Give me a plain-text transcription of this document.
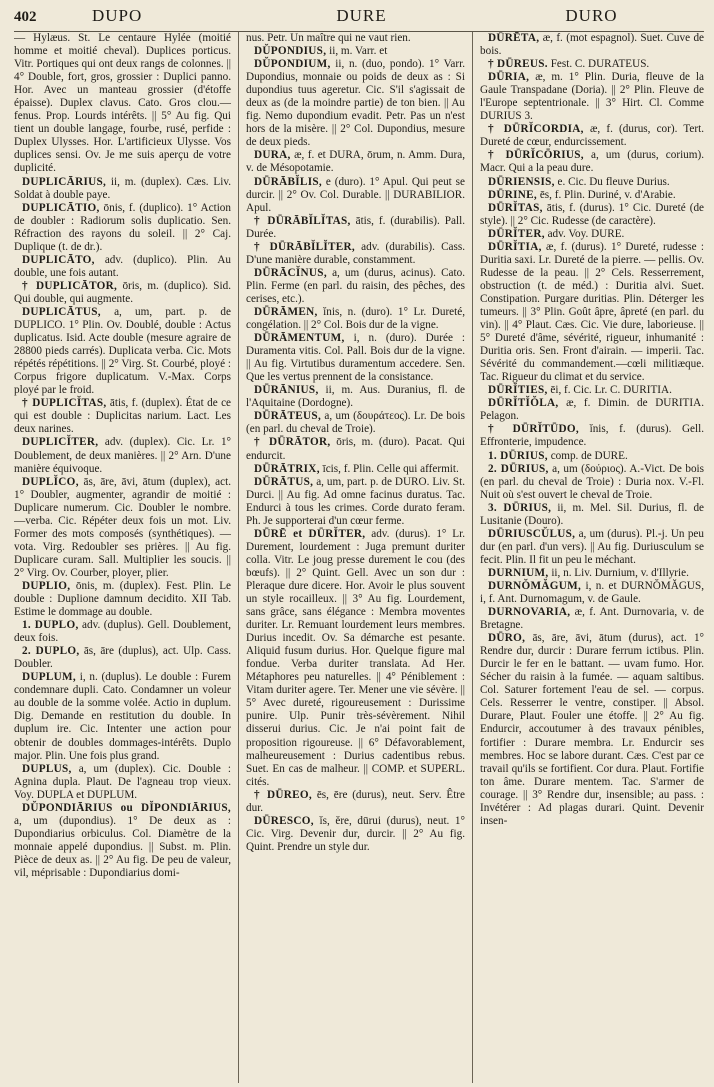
402	DUPO	DURE	DURO

— Hylæus. St. Le centaure Hylée (moitié homme et moitié cheval). Duplices porticus. Vitr. Portiques qui ont deux rangs de colonnes. || 4° Double, fort, gros, grossier : Duplici panno. Hor. Avec un manteau grossier (d'étoffe épaisse). Duplex clavus. Cato. Gros clou.—fenus. Prop. Lourds intérêts. || 5° Au fig. Qui tient un double langage, fourbe, rusé, perfide : Duplex Ulysses. Hor. L'artificieux Ulysse. Vos duplices sensi. Ov. Je me suis aperçu de votre duplicité.

DUPLICĀRIUS, ii, m. (duplex). Cæs. Liv. Soldat à double paye.

DUPLICĀTIO, ōnis, f. (duplico). 1° Action de doubler : Radiorum solis duplicatio. Sen. Réfraction des rayons du soleil. || 2° Caj. Duplique (t. de dr.).

DUPLICĀTO, adv. (duplico). Plin. Au double, une fois autant.

† DUPLICĀTOR, ōris, m. (duplico). Sid. Qui double, qui augmente.

DUPLICĀTUS, a, um, part. p. de DUPLICO. 1° Plin. Ov. Doublé, double : Actus duplicatus. Isid. Acte double (mesure agraire de 28800 pieds carrés). Duplicata verba. Cic. Mots répétés répétitions. || 2° Virg. St. Courbé, ployé : Corpus frigore duplicatum. V.-Max. Corps ployé par le froid.

† DUPLICĬTAS, ātis, f. (duplex). État de ce qui est double : Duplicitas narium. Lact. Les deux narines.

DUPLICĬTER, adv. (duplex). Cic. Lr. 1° Doublement, de deux manières. || 2° Arn. D'une manière équivoque.

DUPLĬCO, ās, āre, āvi, ātum (duplex), act. 1° Doubler, augmenter, agrandir de moitié : Duplicare numerum. Cic. Doubler le nombre. —verba. Cic. Répéter deux fois un mot. Liv. Former des mots composés (synthétiques). — vota. Virg. Redoubler ses prières. || Au fig. Duplicare curam. Sall. Multiplier les soucis. || 2° Virg. Ov. Courber, ployer, plier.

DUPLIO, ōnis, m. (duplex). Fest. Plin. Le double : Duplione damnum decidito. XII Tab. Estime le dommage au double.

1. DUPLO, adv. (duplus). Gell. Doublement, deux fois.

2. DUPLO, ās, āre (duplus), act. Ulp. Cass. Doubler.

DUPLUM, i, n. (duplus). Le double : Furem condemnare dupli. Cato. Condamner un voleur au double de la somme volée. Actio in duplum. Dig. Demande en restitution du double. In duplum ire. Cic. Intenter une action pour obtenir de doubles dommages-intérêts. Duplo major. Plin. Une fois plus grand.

DUPLUS, a, um (duplex). Cic. Double : Agnina dupla. Plaut. De l'agneau trop vieux. Voy. DUPLA et DUPLUM.

DŬPONDIĀRIUS ou DĬPONDIĀRIUS, a, um (dupondius). 1° De deux as : Dupondiarius orbiculus. Col. Diamètre de la monnaie appelé dupondius. || Subst. m. Plin. Pièce de deux as. || 2° Au fig. De peu de valeur, vil, méprisable : Dupondiarius domi-

nus. Petr. Un maître qui ne vaut rien.

DŬPONDIUS, ii, m. Varr. et

DŬPONDIUM, ii, n. (duo, pondo). 1° Varr. Dupondius, monnaie ou poids de deux as : Si dupondius tuus ageretur. Cic. S'il s'agissait de deux as (de la moindre partie) de ton bien. || Au fig. Nemo dupondium evadit. Petr. Pas un n'est hors de la misère. || 2° Col. Dupondius, mesure de deux pieds.

DURA, æ, f. et DURA, ōrum, n. Amm. Dura, v. de Mésopotamie.

DŪRĀBĬLIS, e (duro). 1° Apul. Qui peut se durcir. || 2° Ov. Col. Durable. || DURABILIOR. Apul.

† DŪRĀBĬLĬTAS, ātis, f. (durabilis). Pall. Durée.

† DŪRĀBĬLĬTER, adv. (durabilis). Cass. D'une manière durable, constamment.

DŪRĀCĬNUS, a, um (durus, acinus). Cato. Plin. Ferme (en parl. du raisin, des pêches, des cerises, etc.).

DŪRĀMEN, ĭnis, n. (duro). 1° Lr. Dureté, congélation. || 2° Col. Bois dur de la vigne.

DŪRĀMENTUM, i, n. (duro). Durée : Duramenta vitis. Col. Pall. Bois dur de la vigne. || Au fig. Virtutibus duramentum accedere. Sen. Que les vertus prennent de la consistance.

DŪRĀNIUS, ii, m. Aus. Duranius, fl. de l'Aquitaine (Dordogne).

DŪRĀTEUS, a, um (δουράτεος). Lr. De bois (en parl. du cheval de Troie).

† DŪRĀTOR, ōris, m. (duro). Pacat. Qui endurcit.

DŪRĀTRIX, īcis, f. Plin. Celle qui affermit.

DŪRĀTUS, a, um, part. p. de DURO. Liv. St. Durci. || Au fig. Ad omne facinus duratus. Tac. Endurci à tous les crimes. Corde durato feram. Ph. Je supporterai d'un cœur ferme.

DŪRĒ et DŪRĬTER, adv. (durus). 1° Lr. Durement, lourdement : Juga premunt duriter colla. Vitr. Le joug presse durement le cou (des bœufs). || 2° Quint. Gell. Avec un son dur : Pleraque dure dicere. Hor. Avoir le plus souvent un style rocailleux. || 3° Au fig. Lourdement, sans grâce, sans élégance : Membra moventes duriter. Lr. Remuant lourdement leurs membres. Durius incedit. Ov. Sa démarche est pesante. Aliquid fusum durius. Hor. Quelque figure mal fondue. Verba duriter translata. Ad Her. Métaphores peu naturelles. || 4° Péniblement : Vitam duriter agere. Ter. Mener une vie sévère. || 5° Avec dureté, rigoureusement : Durissime punire. Ulp. Punir très-sévèrement. Nihil disserui durius. Cic. Je n'ai point fait de proposition rigoureuse. || 6° Défavorablement, malheureusement : Durius cadentibus rebus. Suet. En cas de malheur. || COMP. et SUPERL. cités.

† DŪREO, ēs, ēre (durus), neut. Serv. Être dur.

DŪRESCO, ĭs, ĕre, dūrui (durus), neut. 1° Cic. Virg. Devenir dur, durcir. || 2° Au fig. Quint. Prendre un style dur.

DŪRĒTA, æ, f. (mot espagnol). Suet. Cuve de bois.

† DŪREUS. Fest. C. DURATEUS.

DŪRIA, æ, m. 1° Plin. Duria, fleuve de la Gaule Transpadane (Doria). || 2° Plin. Fleuve de l'Europe septentrionale. || 3° Hirt. Cl. Comme DURIUS 3.

† DŪRĬCORDIA, æ, f. (durus, cor). Tert. Dureté de cœur, endurcissement.

† DŪRĬCŌRIUS, a, um (durus, corium). Macr. Qui a la peau dure.

DŪRIENSIS, e. Cic. Du fleuve Durius.

DŪRINE, ēs, f. Plin. Duriné, v. d'Arabie.

DŪRĬTAS, ātis, f. (durus). 1° Cic. Dureté (de style). || 2° Cic. Rudesse (de caractère).

DŪRĬTER, adv. Voy. DURE.

DŪRĬTIA, æ, f. (durus). 1° Dureté, rudesse : Duritia saxi. Lr. Dureté de la pierre. — pellis. Ov. Rudesse de la peau. || 2° Cels. Resserrement, obstruction (t. de méd.) : Duritia alvi. Suet. Constipation. Purgare duritias. Plin. Déterger les tumeurs. || 3° Plin. Goût âpre, âpreté (en parl. du vin). || 4° Plaut. Cæs. Cic. Vie dure, laborieuse. || 5° Dureté d'âme, sévérité, rigueur, inhumanité : Duritia oris. Sen. Front d'airain. — imperii. Tac. Sévérité du commandement.—cœli militiæque. Tac. Rigueur du climat et du service.

DŪRĬTIES, ēi, f. Cic. Lr. C. DURITIA.

DŪRĬTĬŎLA, æ, f. Dimin. de DURITIA. Pelagon.

† DŪRĬTŪDO, ĭnis, f. (durus). Gell. Effronterie, impudence.

1. DŪRIUS, comp. de DURE.

2. DŪRIUS, a, um (δούριος). A.-Vict. De bois (en parl. du cheval de Troie) : Duria nox. V.-Fl. Nuit où s'est ouvert le cheval de Troie.

3. DŪRIUS, ii, m. Mel. Sil. Durius, fl. de Lusitanie (Douro).

DŪRIUSCŬLUS, a, um (durus). Pl.-j. Un peu dur (en parl. d'un vers). || Au fig. Duriusculum se fecit. Plin. Il fit un peu le méchant.

DURNIUM, ii, n. Liv. Durnium, v. d'Illyrie.

DURNŎMĂGUM, i, n. et DURNŎMĂGUS, i, f. Ant. Durnomagum, v. de Gaule.

DURNOVARIA, æ, f. Ant. Durnovaria, v. de Bretagne.

DŪRO, ās, āre, āvi, ātum (durus), act. 1° Rendre dur, durcir : Durare ferrum ictibus. Plin. Durcir le fer en le battant. — uvam fumo. Hor. Sécher du raisin à la fumée. — aquam saltibus. Col. Saturer fortement l'eau de sel. — corpus. Cels. Resserrer le ventre, constiper. || Absol. Durare, Plaut. Fouler une étoffe. || 2° Au fig. Endurcir, accoutumer à des travaux pénibles, fortifier : Durare membra. Lr. Endurcir ses membres. Hoc se labore durant. Cæs. C'est par ce travail qu'ils se fortifient. Cor dura. Plaut. Fortifie ton âme. Durare mentem. Tac. S'armer de courage. || 3° Rendre dur, insensible; au pass. : Invétérer : Ad plagas durari. Quint. Devenir insen-
